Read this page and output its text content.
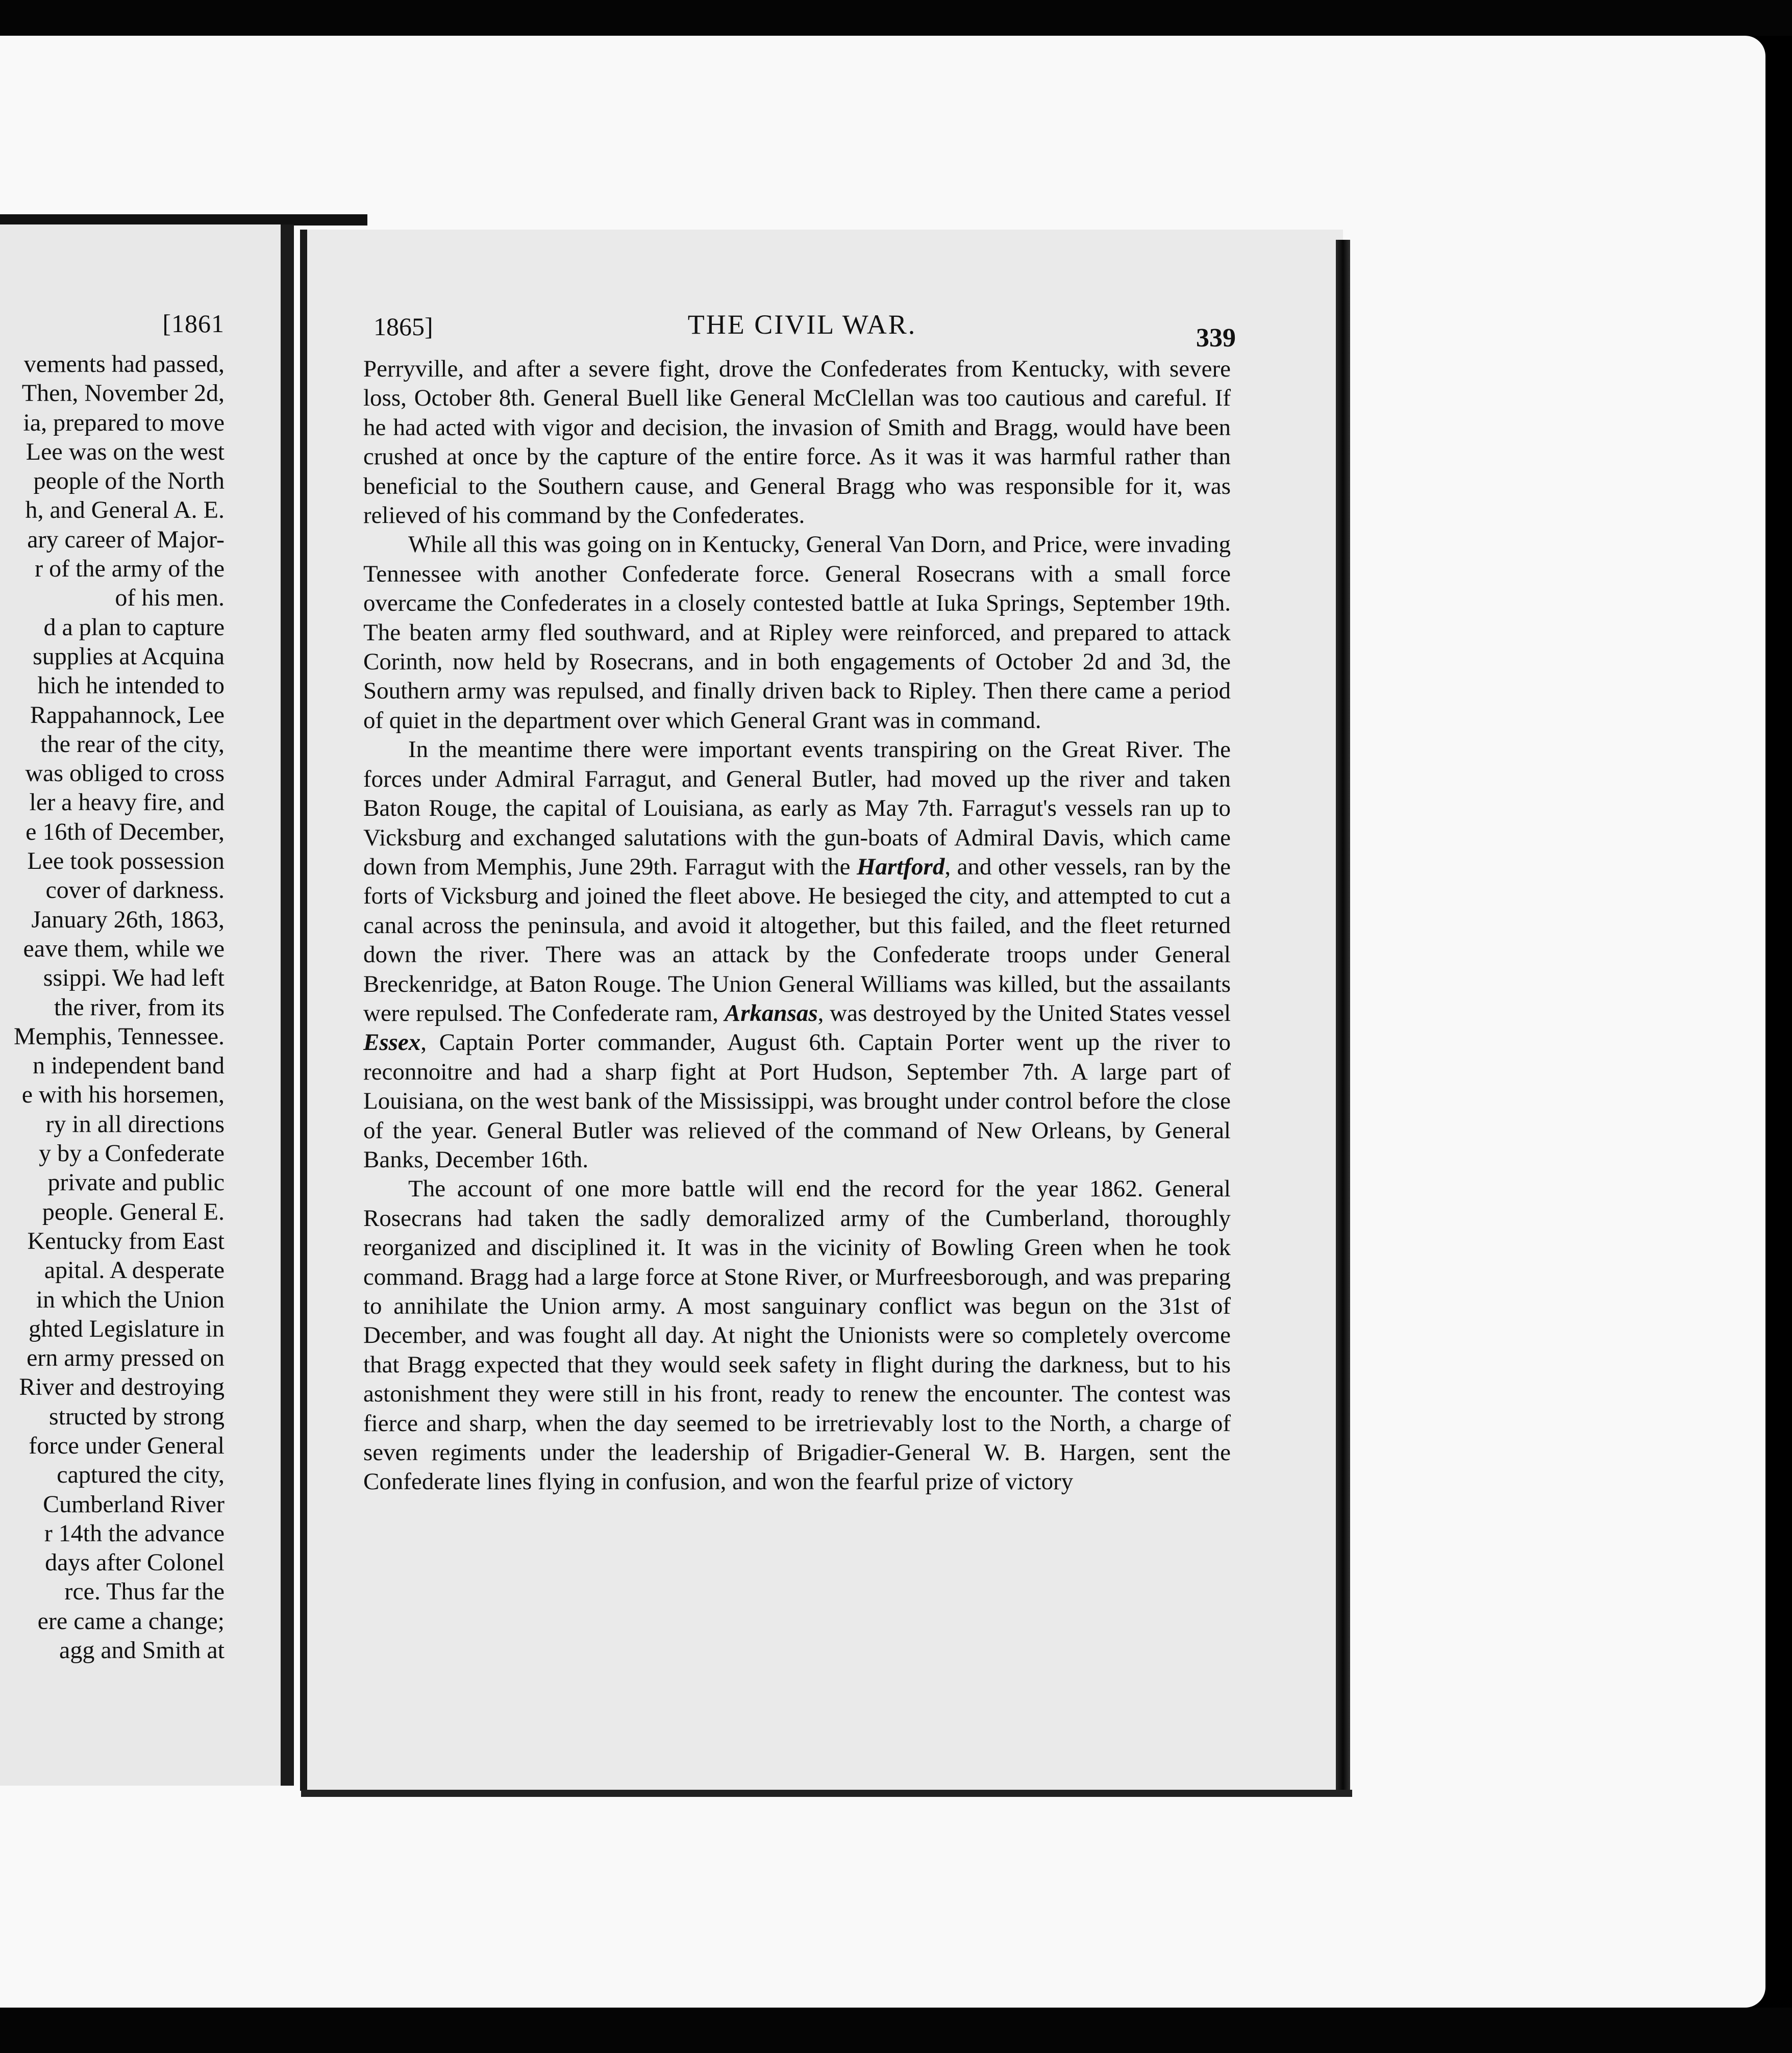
[1861
vements had passed,
Then, November 2d,
ia, prepared to move
Lee was on the west
people of the North
h, and General A. E.
ary career of Major-
r of the army of the
of his men.
d a plan to capture
supplies at Acquina
hich he intended to
Rappahannock, Lee
the rear of the city,
was obliged to cross
ler a heavy fire, and
e 16th of December,
Lee took possession
cover of darkness.
January 26th, 1863,
eave them, while we
ssippi. We had left
the river, from its
Memphis, Tennessee.
n independent band
e with his horsemen,
ry in all directions
y by a Confederate
private and public
people. General E.
Kentucky from East
apital. A desperate
in which the Union
ghted Legislature in
ern army pressed on
River and destroying
structed by strong
force under General
captured the city,
Cumberland River
r 14th the advance
days after Colonel
rce. Thus far the
ere came a change;
agg and Smith at
1865]	THE CIVIL WAR.	339

Perryville, and after a severe fight, drove the Confederates from Kentucky, with severe loss, October 8th. General Buell like General McClellan was too cautious and careful. If he had acted with vigor and decision, the invasion of Smith and Bragg, would have been crushed at once by the capture of the entire force. As it was it was harmful rather than beneficial to the Southern cause, and General Bragg who was responsible for it, was relieved of his command by the Confederates.

While all this was going on in Kentucky, General Van Dorn, and Price, were invading Tennessee with another Confederate force. General Rosecrans with a small force overcame the Confederates in a closely contested battle at Iuka Springs, September 19th. The beaten army fled southward, and at Ripley were reinforced, and prepared to attack Corinth, now held by Rosecrans, and in both engagements of October 2d and 3d, the Southern army was repulsed, and finally driven back to Ripley. Then there came a period of quiet in the department over which General Grant was in command.

In the meantime there were important events transpiring on the Great River. The forces under Admiral Farragut, and General Butler, had moved up the river and taken Baton Rouge, the capital of Louisiana, as early as May 7th. Farragut's vessels ran up to Vicksburg and exchanged salutations with the gun-boats of Admiral Davis, which came down from Memphis, June 29th. Farragut with the Hartford, and other vessels, ran by the forts of Vicksburg and joined the fleet above. He besieged the city, and attempted to cut a canal across the peninsula, and avoid it altogether, but this failed, and the fleet returned down the river. There was an attack by the Confederate troops under General Breckenridge, at Baton Rouge. The Union General Williams was killed, but the assailants were repulsed. The Confederate ram, Arkansas, was destroyed by the United States vessel Essex, Captain Porter commander, August 6th. Captain Porter went up the river to reconnoitre and had a sharp fight at Port Hudson, September 7th. A large part of Louisiana, on the west bank of the Mississippi, was brought under control before the close of the year. General Butler was relieved of the command of New Orleans, by General Banks, December 16th.

The account of one more battle will end the record for the year 1862. General Rosecrans had taken the sadly demoralized army of the Cumberland, thoroughly reorganized and disciplined it. It was in the vicinity of Bowling Green when he took command. Bragg had a large force at Stone River, or Murfreesborough, and was preparing to annihilate the Union army. A most sanguinary conflict was begun on the 31st of December, and was fought all day. At night the Unionists were so completely overcome that Bragg expected that they would seek safety in flight during the darkness, but to his astonishment they were still in his front, ready to renew the encounter. The contest was fierce and sharp, when the day seemed to be irretrievably lost to the North, a charge of seven regiments under the leadership of Brigadier-General W. B. Hargen, sent the Confederate lines flying in confusion, and won the fearful prize of victory
